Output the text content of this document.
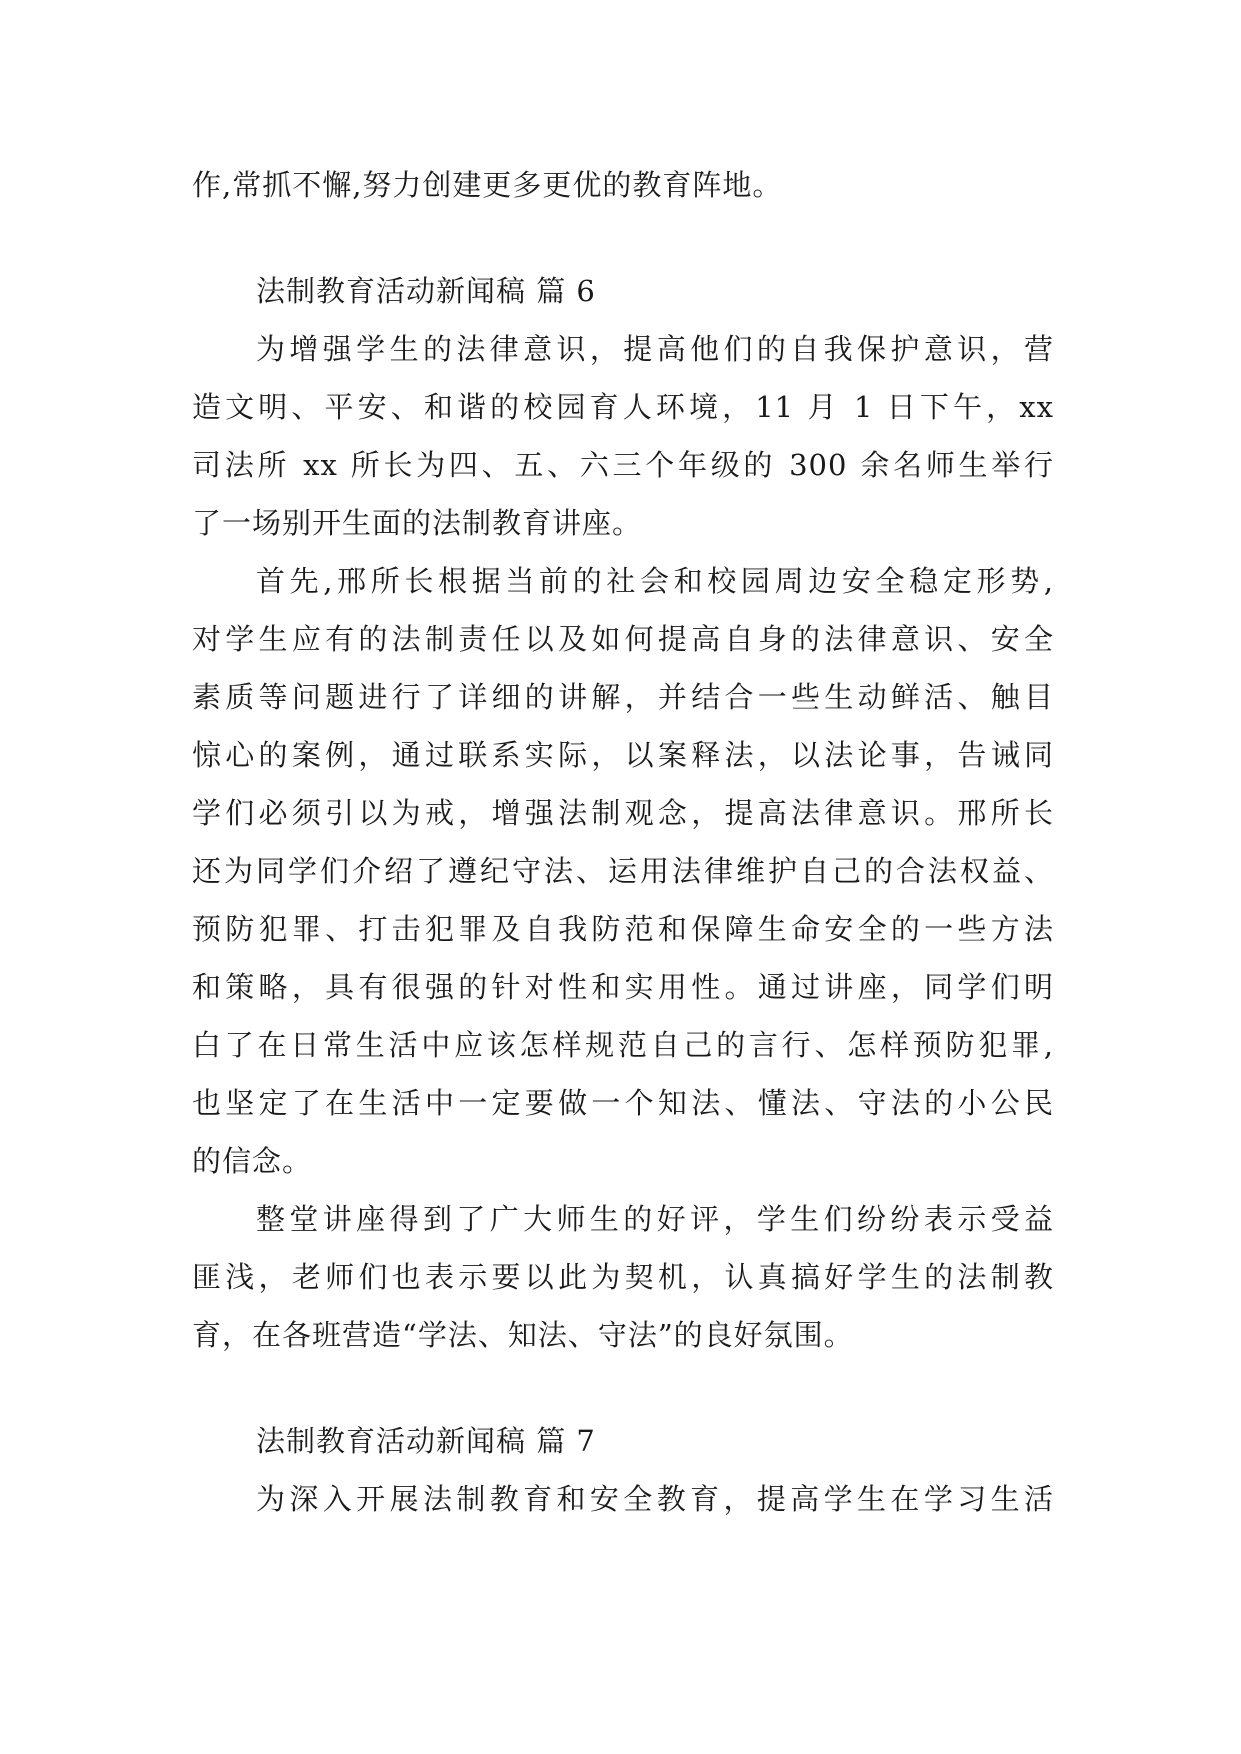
作,常抓不懈,努力创建更多更优的教育阵地。
法制教育活动新闻稿 篇 6
为增强学生的法律意识，提高他们的自我保护意识，营
造文明、平安、和谐的校园育人环境，11 月 1 日下午，xx
司法所 xx 所长为四、五、六三个年级的 300 余名师生举行
了一场别开生面的法制教育讲座。
首先,邢所长根据当前的社会和校园周边安全稳定形势,
对学生应有的法制责任以及如何提高自身的法律意识、安全
素质等问题进行了详细的讲解，并结合一些生动鲜活、触目
惊心的案例，通过联系实际，以案释法，以法论事，告诫同
学们必须引以为戒，增强法制观念，提高法律意识。邢所长
还为同学们介绍了遵纪守法、运用法律维护自己的合法权益、
预防犯罪、打击犯罪及自我防范和保障生命安全的一些方法
和策略，具有很强的针对性和实用性。通过讲座，同学们明
白了在日常生活中应该怎样规范自己的言行、怎样预防犯罪,
也坚定了在生活中一定要做一个知法、懂法、守法的小公民
的信念。
整堂讲座得到了广大师生的好评，学生们纷纷表示受益
匪浅，老师们也表示要以此为契机，认真搞好学生的法制教
育，在各班营造“学法、知法、守法”的良好氛围。
法制教育活动新闻稿 篇 7
为深入开展法制教育和安全教育，提高学生在学习生活
